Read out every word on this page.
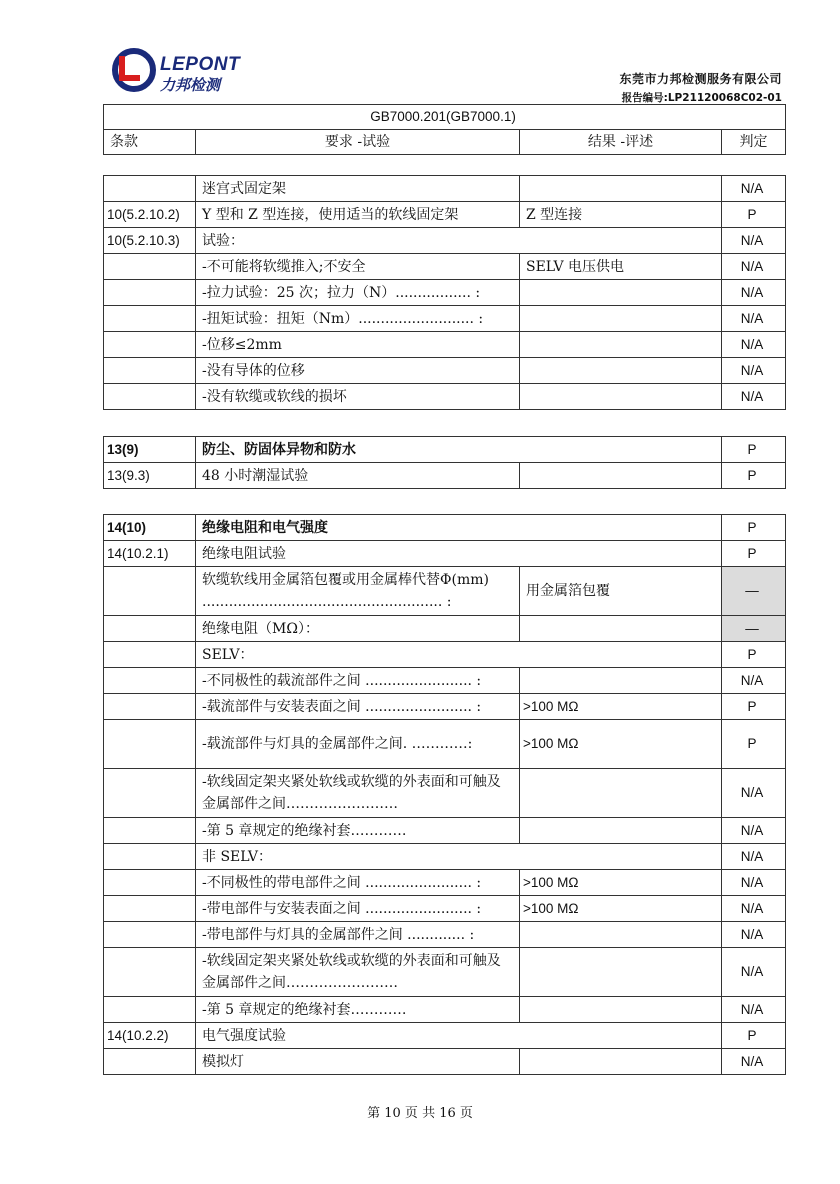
LEPONT
力邦检测	东莞市力邦检测服务有限公司
报告编号:LP21120068C02-01
GB7000.201(GB7000.1)
条款	要求 -试验	结果 -评述	判定
	迷宫式固定架		N/A
10(5.2.10.2)	Y 型和 Z 型连接，使用适当的软线固定架	Z 型连接	P
10(5.2.10.3)	试验：		N/A
	-不可能将软缆推入;不安全	SELV 电压供电	N/A
	-拉力试验：25 次；拉力（N）................. :		N/A
	-扭矩试验：扭矩（Nm）.......................... :		N/A
	-位移≤2mm		N/A
	-没有导体的位移		N/A
	-没有软缆或软线的损坏		N/A
13(9)	防尘、防固体异物和防水		P
13(9.3)	48 小时潮湿试验		P
14(10)	绝缘电阻和电气强度		P
14(10.2.1)	绝缘电阻试验		P
	软缆软线用金属箔包覆或用金属棒代替Φ(mm) ...................................................... :	用金属箔包覆	—
	绝缘电阻（MΩ）：		—
	SELV：		P
	-不同极性的载流部件之间 ........................ :		N/A
	-载流部件与安装表面之间 ........................ :	>100 MΩ	P
	-载流部件与灯具的金属部件之间. …………:	>100 MΩ	P
	-软线固定架夹紧处软线或软缆的外表面和可触及金属部件之间……………………		N/A
	-第 5 章规定的绝缘衬套…………		N/A
	非 SELV：		N/A
	-不同极性的带电部件之间 ........................ :	>100 MΩ	N/A
	-带电部件与安装表面之间 ........................ :	>100 MΩ	N/A
	-带电部件与灯具的金属部件之间 ............. :		N/A
	-软线固定架夹紧处软线或软缆的外表面和可触及金属部件之间……………………		N/A
	-第 5 章规定的绝缘衬套…………		N/A
14(10.2.2)	电气强度试验		P
	模拟灯		N/A
第 10 页 共 16 页
